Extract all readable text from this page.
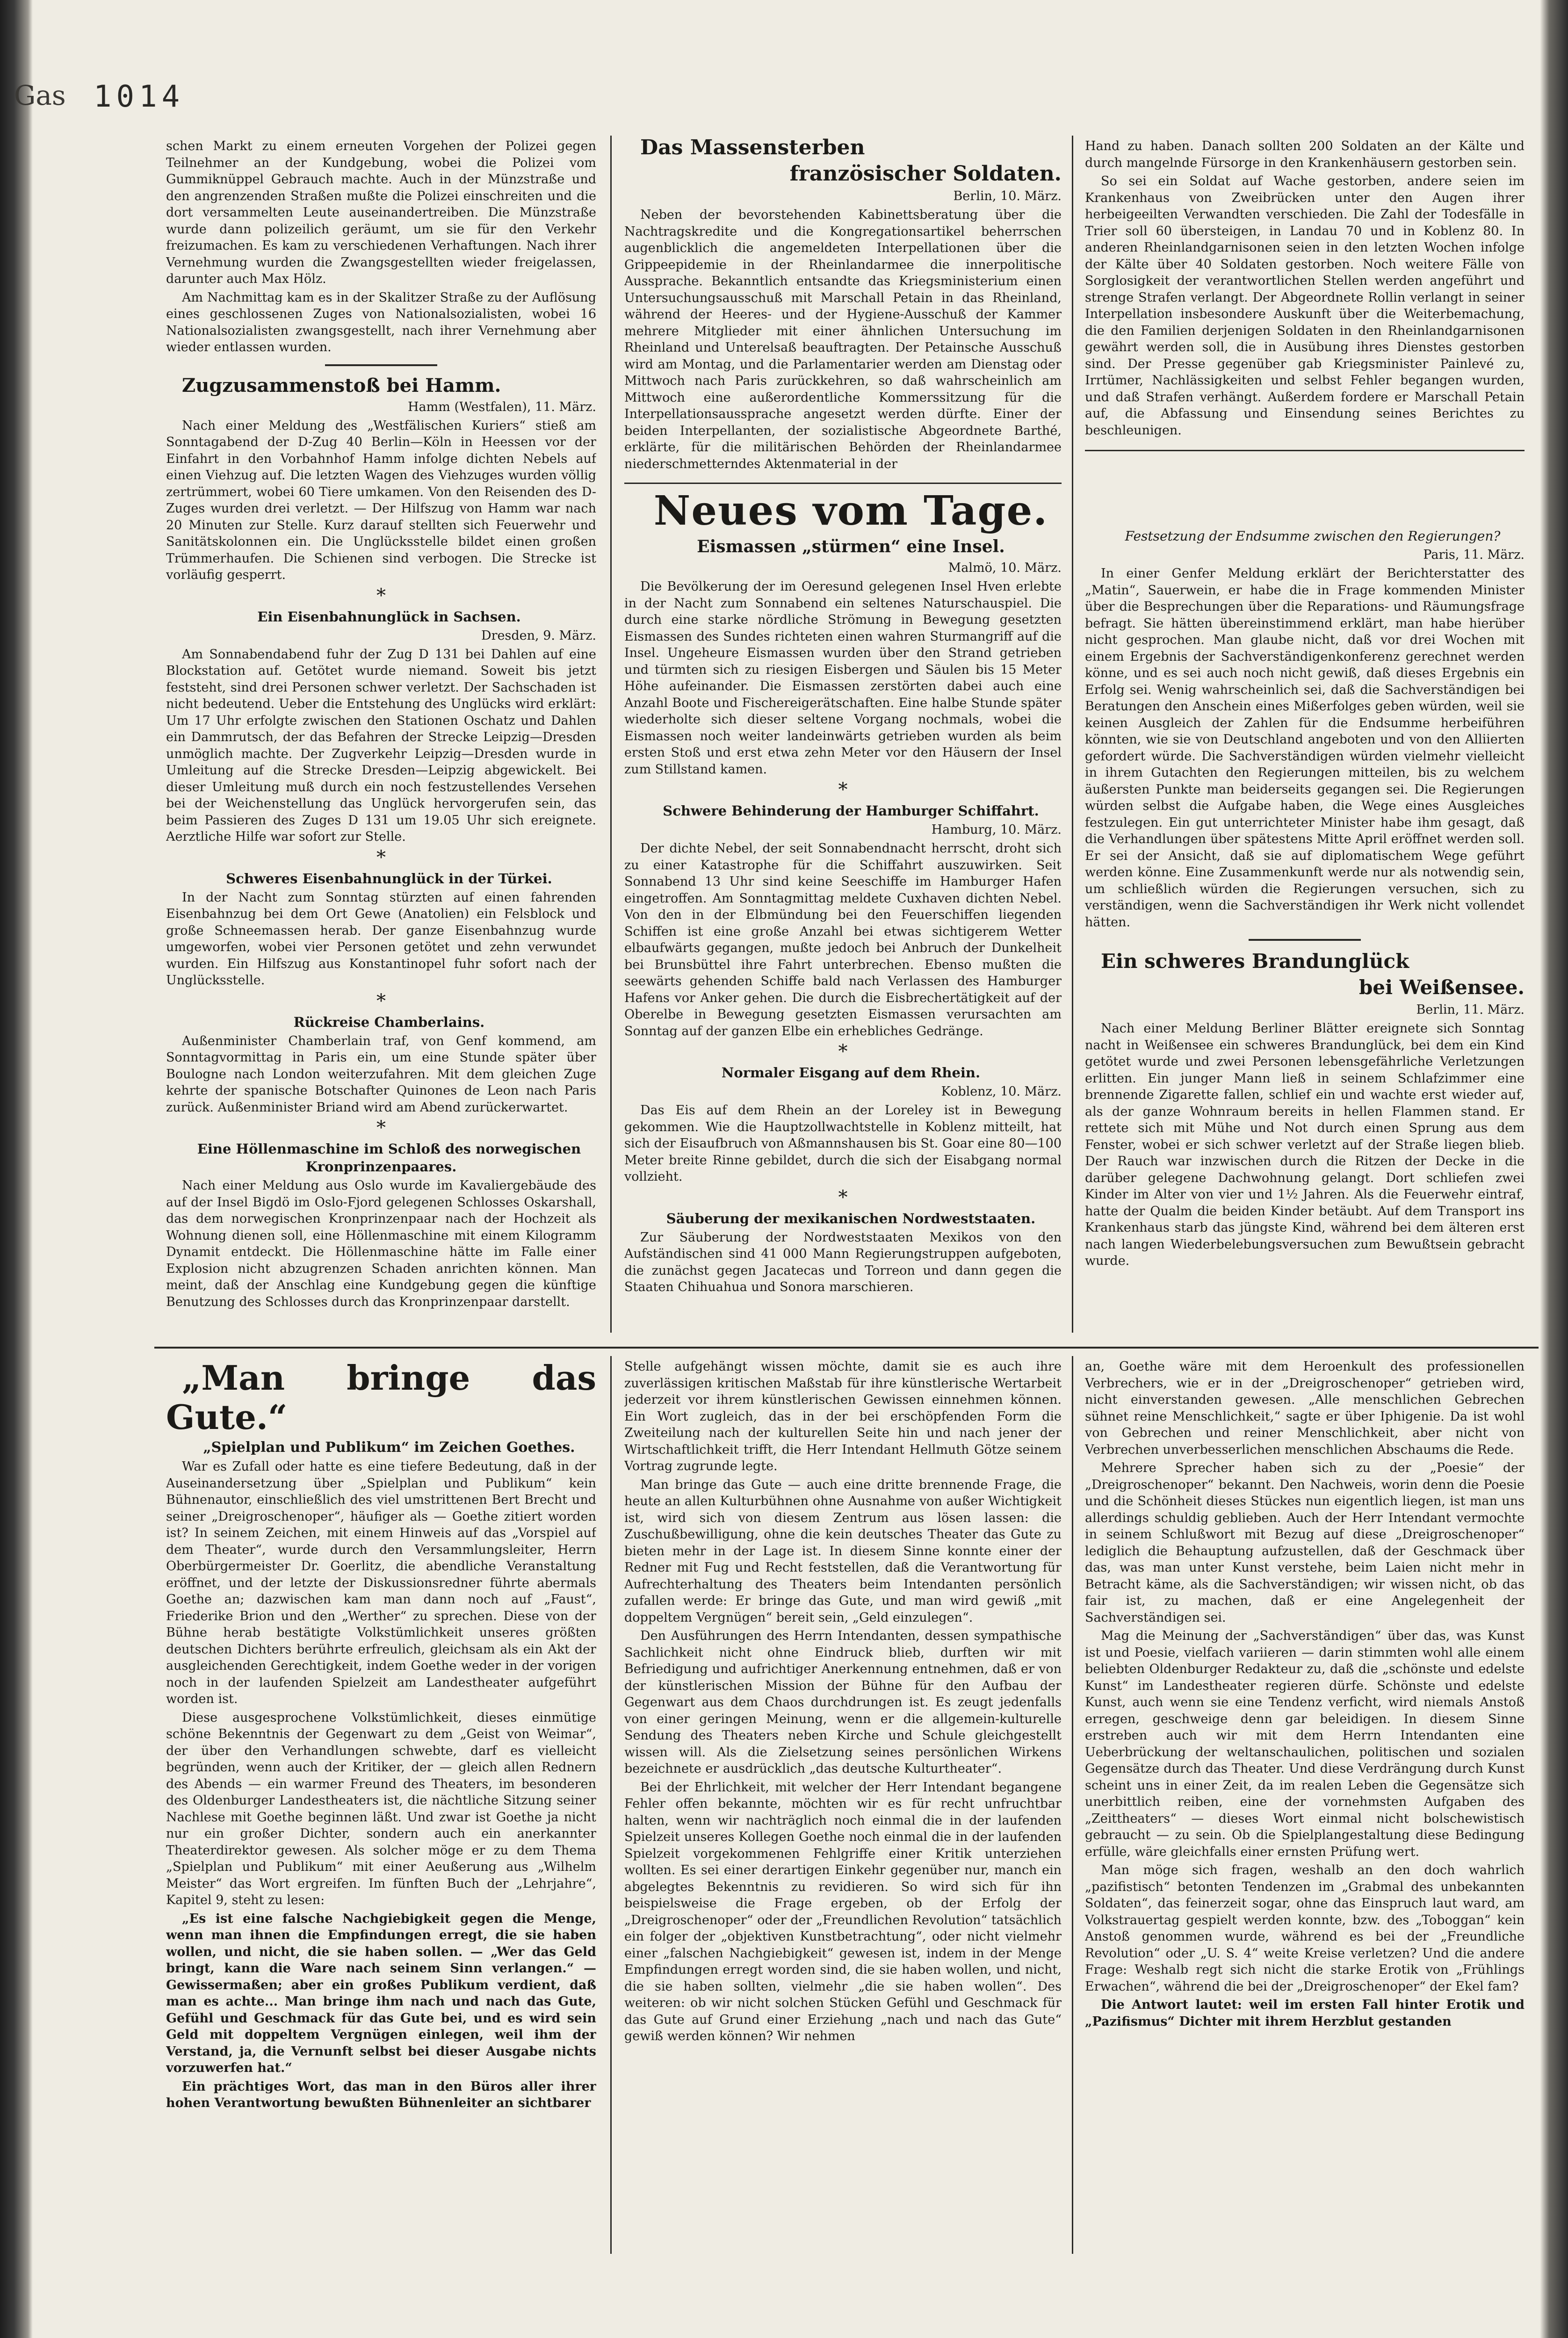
Gas 1014

schen Markt zu einem erneuten Vorgehen der Polizei gegen Teilnehmer an der Kundgebung, wobei die Polizei vom Gummiknüppel Gebrauch machte. Auch in der Münzstraße und den angrenzenden Straßen mußte die Polizei einschreiten und die dort versammelten Leute auseinandertreiben. Die Münzstraße wurde dann polizeilich geräumt, um sie für den Verkehr freizumachen. Es kam zu verschiedenen Verhaftungen. Nach ihrer Vernehmung wurden die Zwangsgestellten wieder freigelassen, darunter auch Max Hölz.

Am Nachmittag kam es in der Skalitzer Straße zu der Auflösung eines geschlossenen Zuges von Nationalsozialisten, wobei 16 Nationalsozialisten zwangsgestellt, nach ihrer Vernehmung aber wieder entlassen wurden.

Zugzusammenstoß bei Hamm.

Hamm (Westfalen), 11. März.

Nach einer Meldung des „Westfälischen Kuriers“ stieß am Sonntagabend der D-Zug 40 Berlin—Köln in Heessen vor der Einfahrt in den Vorbahnhof Hamm infolge dichten Nebels auf einen Viehzug auf. Die letzten Wagen des Viehzuges wurden völlig zertrümmert, wobei 60 Tiere umkamen. Von den Reisenden des D-Zuges wurden drei verletzt. — Der Hilfszug von Hamm war nach 20 Minuten zur Stelle. Kurz darauf stellten sich Feuerwehr und Sanitätskolonnen ein. Die Unglücksstelle bildet einen großen Trümmerhaufen. Die Schienen sind verbogen. Die Strecke ist vorläufig gesperrt.

*

Ein Eisenbahnunglück in Sachsen.

Dresden, 9. März.

Am Sonnabendabend fuhr der Zug D 131 bei Dahlen auf eine Blockstation auf. Getötet wurde niemand. Soweit bis jetzt feststeht, sind drei Personen schwer verletzt. Der Sachschaden ist nicht bedeutend. Ueber die Entstehung des Unglücks wird erklärt: Um 17 Uhr erfolgte zwischen den Stationen Oschatz und Dahlen ein Dammrutsch, der das Befahren der Strecke Leipzig—Dresden unmöglich machte. Der Zugverkehr Leipzig—Dresden wurde in Umleitung auf die Strecke Dresden—Leipzig abgewickelt. Bei dieser Umleitung muß durch ein noch festzustellendes Versehen bei der Weichenstellung das Unglück hervorgerufen sein, das beim Passieren des Zuges D 131 um 19.05 Uhr sich ereignete. Aerztliche Hilfe war sofort zur Stelle.

*

Schweres Eisenbahnunglück in der Türkei.

In der Nacht zum Sonntag stürzten auf einen fahrenden Eisenbahnzug bei dem Ort Gewe (Anatolien) ein Felsblock und große Schneemassen herab. Der ganze Eisenbahnzug wurde umgeworfen, wobei vier Personen getötet und zehn verwundet wurden. Ein Hilfszug aus Konstantinopel fuhr sofort nach der Unglücksstelle.

*

Rückreise Chamberlains.

Außenminister Chamberlain traf, von Genf kommend, am Sonntagvormittag in Paris ein, um eine Stunde später über Boulogne nach London weiterzufahren. Mit dem gleichen Zuge kehrte der spanische Botschafter Quinones de Leon nach Paris zurück. Außenminister Briand wird am Abend zurückerwartet.

*

Eine Höllenmaschine im Schloß des norwegischen Kronprinzenpaares.

Nach einer Meldung aus Oslo wurde im Kavaliergebäude des auf der Insel Bigdö im Oslo-Fjord gelegenen Schlosses Oskarshall, das dem norwegischen Kronprinzenpaar nach der Hochzeit als Wohnung dienen soll, eine Höllenmaschine mit einem Kilogramm Dynamit entdeckt. Die Höllenmaschine hätte im Falle einer Explosion nicht abzugrenzen Schaden anrichten können. Man meint, daß der Anschlag eine Kundgebung gegen die künftige Benutzung des Schlosses durch das Kronprinzenpaar darstellt.

Das Massensterben

französischer Soldaten.

Berlin, 10. März.

Neben der bevorstehenden Kabinettsberatung über die Nachtragskredite und die Kongregationsartikel beherrschen augenblicklich die angemeldeten Interpellationen über die Grippeepidemie in der Rheinlandarmee die innerpolitische Aussprache. Bekanntlich entsandte das Kriegsministerium einen Untersuchungsausschuß mit Marschall Petain in das Rheinland, während der Heeres- und der Hygiene-Ausschuß der Kammer mehrere Mitglieder mit einer ähnlichen Untersuchung im Rheinland und Unterelsaß beauftragten. Der Petainsche Ausschuß wird am Montag, und die Parlamentarier werden am Dienstag oder Mittwoch nach Paris zurückkehren, so daß wahrscheinlich am Mittwoch eine außerordentliche Kommerssitzung für die Interpellationsaussprache angesetzt werden dürfte. Einer der beiden Interpellanten, der sozialistische Abgeordnete Barthé, erklärte, für die militärischen Behörden der Rheinlandarmee niederschmetterndes Aktenmaterial in der

Neues vom Tage.

Eismassen „stürmen“ eine Insel.

Malmö, 10. März.

Die Bevölkerung der im Oeresund gelegenen Insel Hven erlebte in der Nacht zum Sonnabend ein seltenes Naturschauspiel. Die durch eine starke nördliche Strömung in Bewegung gesetzten Eismassen des Sundes richteten einen wahren Sturmangriff auf die Insel. Ungeheure Eismassen wurden über den Strand getrieben und türmten sich zu riesigen Eisbergen und Säulen bis 15 Meter Höhe aufeinander. Die Eismassen zerstörten dabei auch eine Anzahl Boote und Fischereigerätschaften. Eine halbe Stunde später wiederholte sich dieser seltene Vorgang nochmals, wobei die Eismassen noch weiter landeinwärts getrieben wurden als beim ersten Stoß und erst etwa zehn Meter vor den Häusern der Insel zum Stillstand kamen.

*

Schwere Behinderung der Hamburger Schiffahrt.

Hamburg, 10. März.

Der dichte Nebel, der seit Sonnabendnacht herrscht, droht sich zu einer Katastrophe für die Schiffahrt auszuwirken. Seit Sonnabend 13 Uhr sind keine Seeschiffe im Hamburger Hafen eingetroffen. Am Sonntagmittag meldete Cuxhaven dichten Nebel. Von den in der Elbmündung bei den Feuerschiffen liegenden Schiffen ist eine große Anzahl bei etwas sichtigerem Wetter elbaufwärts gegangen, mußte jedoch bei Anbruch der Dunkelheit bei Brunsbüttel ihre Fahrt unterbrechen. Ebenso mußten die seewärts gehenden Schiffe bald nach Verlassen des Hamburger Hafens vor Anker gehen. Die durch die Eisbrechertätigkeit auf der Oberelbe in Bewegung gesetzten Eismassen verursachten am Sonntag auf der ganzen Elbe ein erhebliches Gedränge.

*

Normaler Eisgang auf dem Rhein.

Koblenz, 10. März.

Das Eis auf dem Rhein an der Loreley ist in Bewegung gekommen. Wie die Hauptzollwachtstelle in Koblenz mitteilt, hat sich der Eisaufbruch von Aßmannshausen bis St. Goar eine 80—100 Meter breite Rinne gebildet, durch die sich der Eisabgang normal vollzieht.

*

Säuberung der mexikanischen Nordweststaaten.

Zur Säuberung der Nordweststaaten Mexikos von den Aufständischen sind 41 000 Mann Regierungstruppen aufgeboten, die zunächst gegen Jacatecas und Torreon und dann gegen die Staaten Chihuahua und Sonora marschieren.

Hand zu haben. Danach sollten 200 Soldaten an der Kälte und durch mangelnde Fürsorge in den Krankenhäusern gestorben sein.

So sei ein Soldat auf Wache gestorben, andere seien im Krankenhaus von Zweibrücken unter den Augen ihrer herbeigeeilten Verwandten verschieden. Die Zahl der Todesfälle in Trier soll 60 übersteigen, in Landau 70 und in Koblenz 80. In anderen Rheinlandgarnisonen seien in den letzten Wochen infolge der Kälte über 40 Soldaten gestorben. Noch weitere Fälle von Sorglosigkeit der verantwortlichen Stellen werden angeführt und strenge Strafen verlangt. Der Abgeordnete Rollin verlangt in seiner Interpellation insbesondere Auskunft über die Weiterbemachung, die den Familien derjenigen Soldaten in den Rheinlandgarnisonen gewährt werden soll, die in Ausübung ihres Dienstes gestorben sind. Der Presse gegenüber gab Kriegsminister Painlevé zu, Irrtümer, Nachlässigkeiten und selbst Fehler begangen wurden, und daß Strafen verhängt. Außerdem fordere er Marschall Petain auf, die Abfassung und Einsendung seines Berichtes zu beschleunigen.

Festsetzung der Endsumme zwischen den Regierungen?

Paris, 11. März.

In einer Genfer Meldung erklärt der Berichterstatter des „Matin“, Sauerwein, er habe die in Frage kommenden Minister über die Besprechungen über die Reparations- und Räumungsfrage befragt. Sie hätten übereinstimmend erklärt, man habe hierüber nicht gesprochen. Man glaube nicht, daß vor drei Wochen mit einem Ergebnis der Sachverständigenkonferenz gerechnet werden könne, und es sei auch noch nicht gewiß, daß dieses Ergebnis ein Erfolg sei. Wenig wahrscheinlich sei, daß die Sachverständigen bei Beratungen den Anschein eines Mißerfolges geben würden, weil sie keinen Ausgleich der Zahlen für die Endsumme herbeiführen könnten, wie sie von Deutschland angeboten und von den Alliierten gefordert würde. Die Sachverständigen würden vielmehr vielleicht in ihrem Gutachten den Regierungen mitteilen, bis zu welchem äußersten Punkte man beiderseits gegangen sei. Die Regierungen würden selbst die Aufgabe haben, die Wege eines Ausgleiches festzulegen. Ein gut unterrichteter Minister habe ihm gesagt, daß die Verhandlungen über spätestens Mitte April eröffnet werden soll. Er sei der Ansicht, daß sie auf diplomatischem Wege geführt werden könne. Eine Zusammenkunft werde nur als notwendig sein, um schließlich würden die Regierungen versuchen, sich zu verständigen, wenn die Sachverständigen ihr Werk nicht vollendet hätten.

Ein schweres Brandunglück

bei Weißensee.

Berlin, 11. März.

Nach einer Meldung Berliner Blätter ereignete sich Sonntag nacht in Weißensee ein schweres Brandunglück, bei dem ein Kind getötet wurde und zwei Personen lebensgefährliche Verletzungen erlitten. Ein junger Mann ließ in seinem Schlafzimmer eine brennende Zigarette fallen, schlief ein und wachte erst wieder auf, als der ganze Wohnraum bereits in hellen Flammen stand. Er rettete sich mit Mühe und Not durch einen Sprung aus dem Fenster, wobei er sich schwer verletzt auf der Straße liegen blieb. Der Rauch war inzwischen durch die Ritzen der Decke in die darüber gelegene Dachwohnung gelangt. Dort schliefen zwei Kinder im Alter von vier und 1½ Jahren. Als die Feuerwehr eintraf, hatte der Qualm die beiden Kinder betäubt. Auf dem Transport ins Krankenhaus starb das jüngste Kind, während bei dem älteren erst nach langen Wiederbelebungsversuchen zum Bewußtsein gebracht wurde.

„Man bringe das Gute.“

„Spielplan und Publikum“ im Zeichen Goethes.

War es Zufall oder hatte es eine tiefere Bedeutung, daß in der Auseinandersetzung über „Spielplan und Publikum“ kein Bühnenautor, einschließlich des viel umstrittenen Bert Brecht und seiner „Dreigroschenoper“, häufiger als — Goethe zitiert worden ist? In seinem Zeichen, mit einem Hinweis auf das „Vorspiel auf dem Theater“, wurde durch den Versammlungsleiter, Herrn Oberbürgermeister Dr. Goerlitz, die abendliche Veranstaltung eröffnet, und der letzte der Diskussionsredner führte abermals Goethe an; dazwischen kam man dann noch auf „Faust“, Friederike Brion und den „Werther“ zu sprechen. Diese von der Bühne herab bestätigte Volkstümlichkeit unseres größten deutschen Dichters berührte erfreulich, gleichsam als ein Akt der ausgleichenden Gerechtigkeit, indem Goethe weder in der vorigen noch in der laufenden Spielzeit am Landestheater aufgeführt worden ist.

Diese ausgesprochene Volkstümlichkeit, dieses einmütige schöne Bekenntnis der Gegenwart zu dem „Geist von Weimar“, der über den Verhandlungen schwebte, darf es vielleicht begründen, wenn auch der Kritiker, der — gleich allen Rednern des Abends — ein warmer Freund des Theaters, im besonderen des Oldenburger Landestheaters ist, die nächtliche Sitzung seiner Nachlese mit Goethe beginnen läßt. Und zwar ist Goethe ja nicht nur ein großer Dichter, sondern auch ein anerkannter Theaterdirektor gewesen. Als solcher möge er zu dem Thema „Spielplan und Publikum“ mit einer Aeußerung aus „Wilhelm Meister“ das Wort ergreifen. Im fünften Buch der „Lehrjahre“, Kapitel 9, steht zu lesen:

„Es ist eine falsche Nachgiebigkeit gegen die Menge, wenn man ihnen die Empfindungen erregt, die sie haben wollen, und nicht, die sie haben sollen. — „Wer das Geld bringt, kann die Ware nach seinem Sinn verlangen.“ — Gewissermaßen; aber ein großes Publikum verdient, daß man es achte... Man bringe ihm nach und nach das Gute, Gefühl und Geschmack für das Gute bei, und es wird sein Geld mit doppeltem Vergnügen einlegen, weil ihm der Verstand, ja, die Vernunft selbst bei dieser Ausgabe nichts vorzuwerfen hat.“

Ein prächtiges Wort, das man in den Büros aller ihrer hohen Verantwortung bewußten Bühnenleiter an sichtbarer

Stelle aufgehängt wissen möchte, damit sie es auch ihre zuverlässigen kritischen Maßstab für ihre künstlerische Wertarbeit jederzeit vor ihrem künstlerischen Gewissen einnehmen können. Ein Wort zugleich, das in der bei erschöpfenden Form die Zweiteilung nach der kulturellen Seite hin und nach jener der Wirtschaftlichkeit trifft, die Herr Intendant Hellmuth Götze seinem Vortrag zugrunde legte.

Man bringe das Gute — auch eine dritte brennende Frage, die heute an allen Kulturbühnen ohne Ausnahme von außer Wichtigkeit ist, wird sich von diesem Zentrum aus lösen lassen: die Zuschußbewilligung, ohne die kein deutsches Theater das Gute zu bieten mehr in der Lage ist. In diesem Sinne konnte einer der Redner mit Fug und Recht feststellen, daß die Verantwortung für Aufrechterhaltung des Theaters beim Intendanten persönlich zufallen werde: Er bringe das Gute, und man wird gewiß „mit doppeltem Vergnügen“ bereit sein, „Geld einzulegen“.

Den Ausführungen des Herrn Intendanten, dessen sympathische Sachlichkeit nicht ohne Eindruck blieb, durften wir mit Befriedigung und aufrichtiger Anerkennung entnehmen, daß er von der künstlerischen Mission der Bühne für den Aufbau der Gegenwart aus dem Chaos durchdrungen ist. Es zeugt jedenfalls von einer geringen Meinung, wenn er die allgemein-kulturelle Sendung des Theaters neben Kirche und Schule gleichgestellt wissen will. Als die Zielsetzung seines persönlichen Wirkens bezeichnete er ausdrücklich „das deutsche Kulturtheater“.

Bei der Ehrlichkeit, mit welcher der Herr Intendant begangene Fehler offen bekannte, möchten wir es für recht unfruchtbar halten, wenn wir nachträglich noch einmal die in der laufenden Spielzeit unseres Kollegen Goethe noch einmal die in der laufenden Spielzeit vorgekommenen Fehlgriffe einer Kritik unterziehen wollten. Es sei einer derartigen Einkehr gegenüber nur, manch ein abgelegtes Bekenntnis zu revidieren. So wird sich für ihn beispielsweise die Frage ergeben, ob der Erfolg der „Dreigroschenoper“ oder der „Freundlichen Revolution“ tatsächlich ein folger der „objektiven Kunstbetrachtung“, oder nicht vielmehr einer „falschen Nachgiebigkeit“ gewesen ist, indem in der Menge Empfindungen erregt worden sind, die sie haben wollen, und nicht, die sie haben sollten, vielmehr „die sie haben wollen“. Des weiteren: ob wir nicht solchen Stücken Gefühl und Geschmack für das Gute auf Grund einer Erziehung „nach und nach das Gute“ gewiß werden können? Wir nehmen

an, Goethe wäre mit dem Heroenkult des professionellen Verbrechers, wie er in der „Dreigroschenoper“ getrieben wird, nicht einverstanden gewesen. „Alle menschlichen Gebrechen sühnet reine Menschlichkeit,“ sagte er über Iphigenie. Da ist wohl von Gebrechen und reiner Menschlichkeit, aber nicht von Verbrechen unverbesserlichen menschlichen Abschaums die Rede.

Mehrere Sprecher haben sich zu der „Poesie“ der „Dreigroschenoper“ bekannt. Den Nachweis, worin denn die Poesie und die Schönheit dieses Stückes nun eigentlich liegen, ist man uns allerdings schuldig geblieben. Auch der Herr Intendant vermochte in seinem Schlußwort mit Bezug auf diese „Dreigroschenoper“ lediglich die Behauptung aufzustellen, daß der Geschmack über das, was man unter Kunst verstehe, beim Laien nicht mehr in Betracht käme, als die Sachverständigen; wir wissen nicht, ob das fair ist, zu machen, daß er eine Angelegenheit der Sachverständigen sei.

Mag die Meinung der „Sachverständigen“ über das, was Kunst ist und Poesie, vielfach variieren — darin stimmten wohl alle einem beliebten Oldenburger Redakteur zu, daß die „schönste und edelste Kunst“ im Landestheater regieren dürfe. Schönste und edelste Kunst, auch wenn sie eine Tendenz verficht, wird niemals Anstoß erregen, geschweige denn gar beleidigen. In diesem Sinne erstreben auch wir mit dem Herrn Intendanten eine Ueberbrückung der weltanschaulichen, politischen und sozialen Gegensätze durch das Theater. Und diese Verdrängung durch Kunst scheint uns in einer Zeit, da im realen Leben die Gegensätze sich unerbittlich reiben, eine der vornehmsten Aufgaben des „Zeittheaters“ — dieses Wort einmal nicht bolschewistisch gebraucht — zu sein. Ob die Spielplangestaltung diese Bedingung erfülle, wäre gleichfalls einer ernsten Prüfung wert.

Man möge sich fragen, weshalb an den doch wahrlich „pazifistisch“ betonten Tendenzen im „Grabmal des unbekannten Soldaten“, das feinerzeit sogar, ohne das Einspruch laut ward, am Volkstrauertag gespielt werden konnte, bzw. des „Toboggan“ kein Anstoß genommen wurde, während es bei der „Freundliche Revolution“ oder „U. S. 4“ weite Kreise verletzen? Und die andere Frage: Weshalb regt sich nicht die starke Erotik von „Frühlings Erwachen“, während die bei der „Dreigroschenoper“ der Ekel fam?

Die Antwort lautet: weil im ersten Fall hinter Erotik und „Pazifismus“ Dichter mit ihrem Herzblut gestanden
